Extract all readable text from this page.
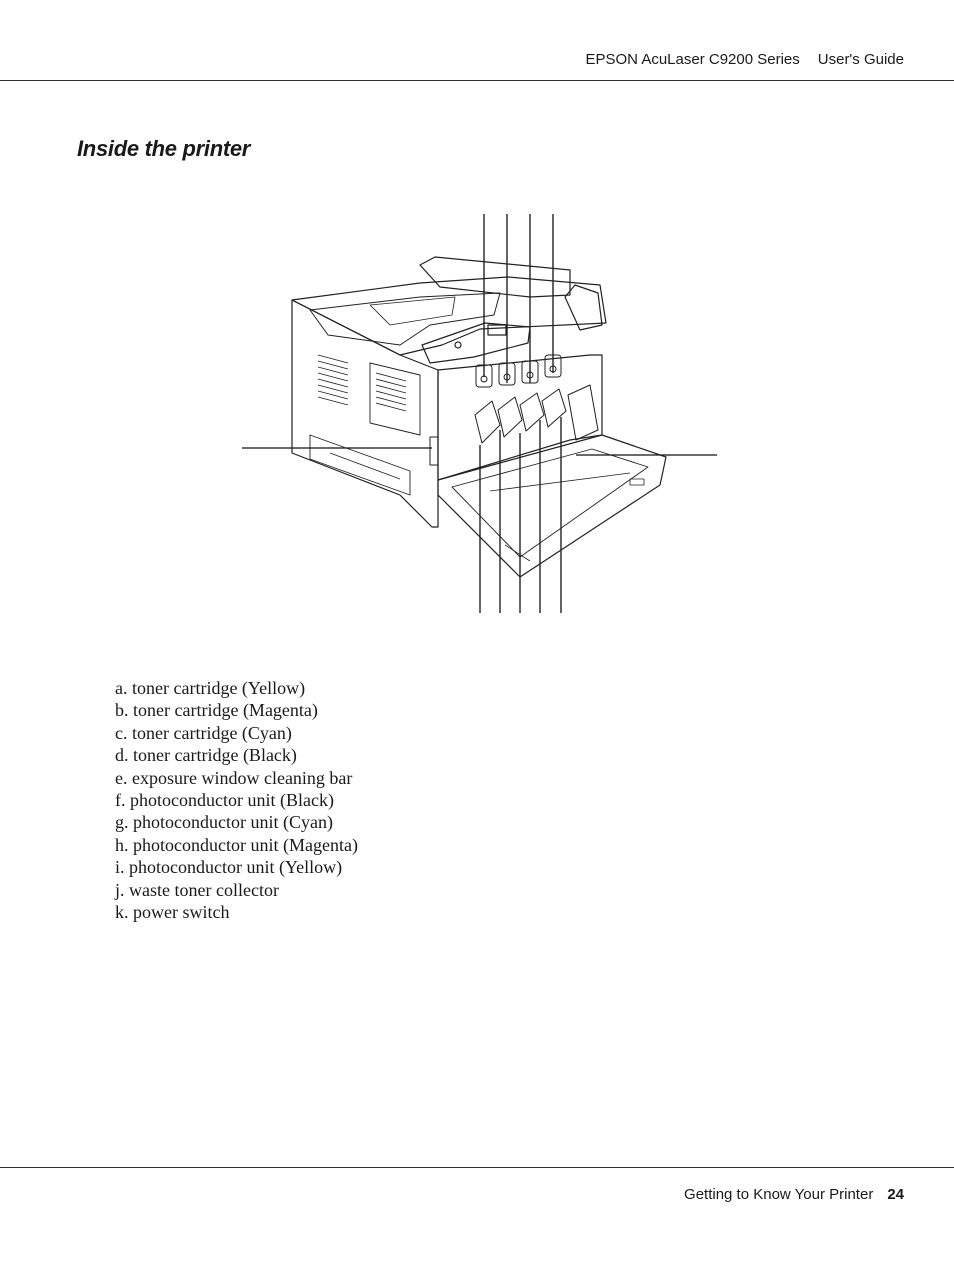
EPSON AcuLaser C9200 Series User's Guide
Inside the printer
a. toner cartridge (Yellow)
b. toner cartridge (Magenta)
c. toner cartridge (Cyan)
d. toner cartridge (Black)
e. exposure window cleaning bar
f. photoconductor unit (Black)
g. photoconductor unit (Cyan)
h. photoconductor unit (Magenta)
i. photoconductor unit (Yellow)
j. waste toner collector
k. power switch
Getting to Know Your Printer 24
